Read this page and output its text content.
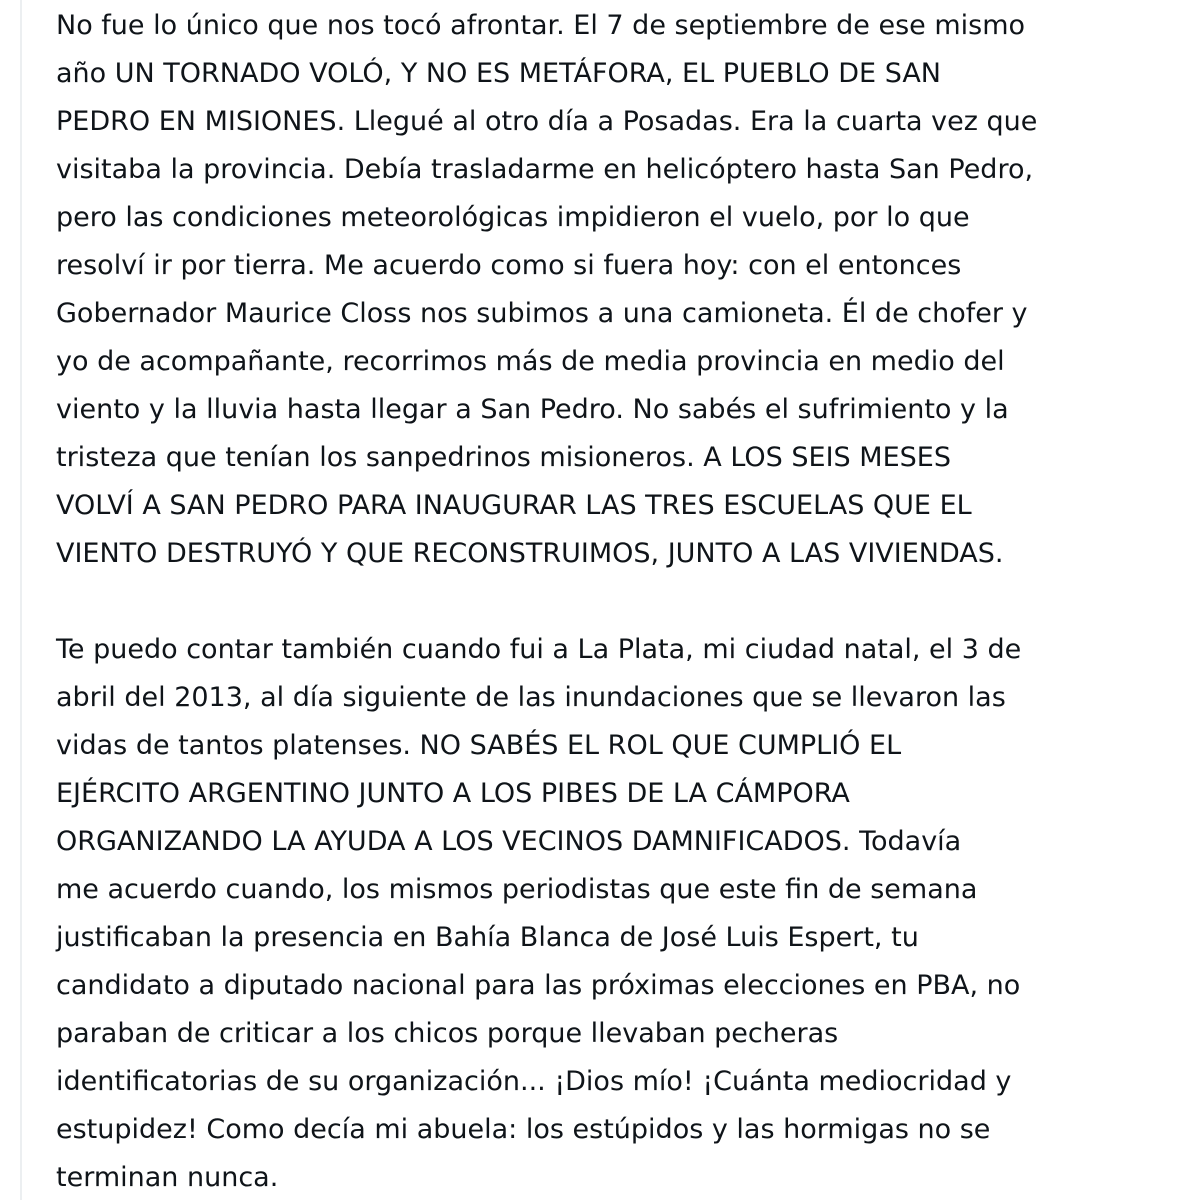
No fue lo único que nos tocó afrontar. El 7 de septiembre de ese mismo
año UN TORNADO VOLÓ, Y NO ES METÁFORA, EL PUEBLO DE SAN
PEDRO EN MISIONES. Llegué al otro día a Posadas. Era la cuarta vez que
visitaba la provincia. Debía trasladarme en helicóptero hasta San Pedro,
pero las condiciones meteorológicas impidieron el vuelo, por lo que
resolví ir por tierra. Me acuerdo como si fuera hoy: con el entonces
Gobernador Maurice Closs nos subimos a una camioneta. Él de chofer y
yo de acompañante, recorrimos más de media provincia en medio del
viento y la lluvia hasta llegar a San Pedro. No sabés el sufrimiento y la
tristeza que tenían los sanpedrinos misioneros. A LOS SEIS MESES
VOLVÍ A SAN PEDRO PARA INAUGURAR LAS TRES ESCUELAS QUE EL
VIENTO DESTRUYÓ Y QUE RECONSTRUIMOS, JUNTO A LAS VIVIENDAS.
Te puedo contar también cuando fui a La Plata, mi ciudad natal, el 3 de
abril del 2013, al día siguiente de las inundaciones que se llevaron las
vidas de tantos platenses. NO SABÉS EL ROL QUE CUMPLIÓ EL
EJÉRCITO ARGENTINO JUNTO A LOS PIBES DE LA CÁMPORA
ORGANIZANDO LA AYUDA A LOS VECINOS DAMNIFICADOS. Todavía
me acuerdo cuando, los mismos periodistas que este fin de semana
justificaban la presencia en Bahía Blanca de José Luis Espert, tu
candidato a diputado nacional para las próximas elecciones en PBA, no
paraban de criticar a los chicos porque llevaban pecheras
identificatorias de su organización... ¡Dios mío! ¡Cuánta mediocridad y
estupidez! Como decía mi abuela: los estúpidos y las hormigas no se
terminan nunca.
